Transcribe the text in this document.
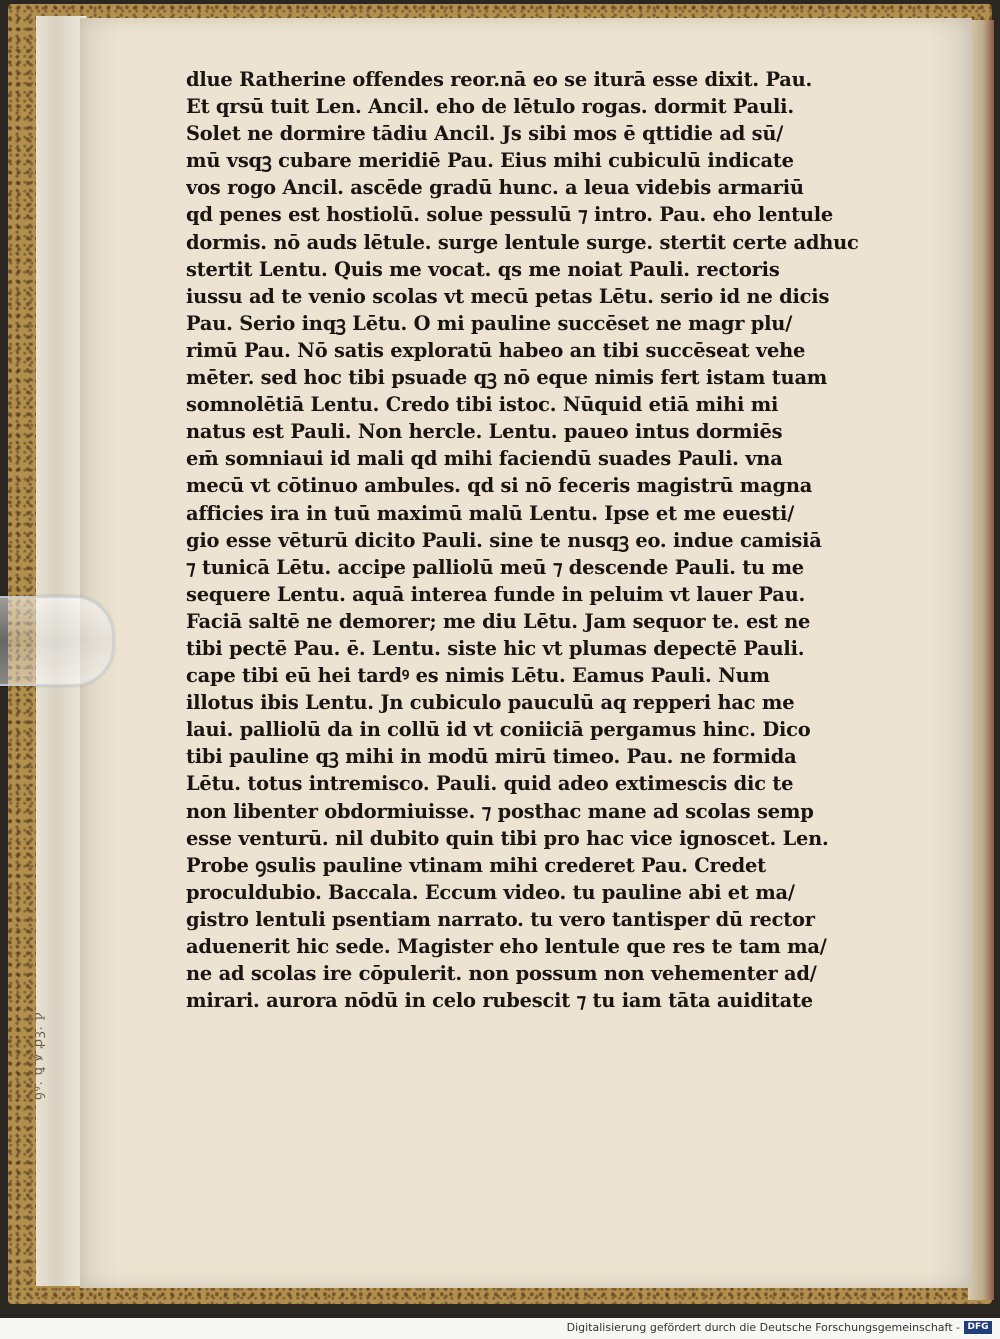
ꝯꝰ. ꝗ ꝟ ꝓꝫ. ꝩ
dlue Ratherine offendes reor.nā eo se iturā esse dixit. Pau.
Et qrsū tuit Len. Ancil. eho de lētulo rogas. dormit Pauli.
Solet ne dormire tādiu Ancil. Js sibi mos ē qttidie ad sū/
mū vsqꝫ cubare meridiē Pau. Eius mihi cubiculū indicate
vos rogo Ancil. ascēde gradū hunc. a leua videbis armariū
qd penes est hostiolū. solue pessulū ⁊ intro. Pau. eho lentule
dormis. nō auds lētule. surge lentule surge. stertit certe adhuc
stertit Lentu. Quis me vocat. qs me noiat Pauli. rectoris
iussu ad te venio scolas vt mecū petas Lētu. serio id ne dicis
Pau. Serio inqꝫ Lētu. O mi pauline succēset ne magr plu/
rimū Pau. Nō satis exploratū habeo an tibi succēseat vehe
mēter. sed hoc tibi psuade qꝫ nō eque nimis fert istam tuam
somnolētiā Lentu. Credo tibi istoc. Nūquid etiā mihi mi
natus est Pauli. Non hercle. Lentu. paueo intus dormiēs
em̄ somniaui id mali qd mihi faciendū suades Pauli. vna
mecū vt cōtinuo ambules. qd si nō feceris magistrū magna
afficies ira in tuū maximū malū Lentu. Ipse et me euesti/
gio esse vēturū dicito Pauli. sine te nusqꝫ eo. indue camisiā
⁊ tunicā Lētu. accipe palliolū meū ⁊ descende Pauli. tu me
sequere Lentu. aquā interea funde in peluim vt lauer Pau.
Faciā saltē ne demorer; me diu Lētu. Jam sequor te. est ne
tibi pectē Pau. ē. Lentu. siste hic vt plumas depectē Pauli.
cape tibi eū hei tardꝰ es nimis Lētu. Eamus Pauli. Num
illotus ibis Lentu. Jn cubiculo pauculū aq repperi hac me
laui. palliolū da in collū id vt coniiciā pergamus hinc. Dico
tibi pauline qꝫ mihi in modū mirū timeo. Pau. ne formida
Lētu. totus intremisco. Pauli. quid adeo extimescis dic te
non libenter obdormiuisse. ⁊ posthac mane ad scolas semp
esse venturū. nil dubito quin tibi pro hac vice ignoscet. Len.
Probe ꝯsulis pauline vtinam mihi crederet Pau. Credet
proculdubio. Baccala. Eccum video. tu pauline abi et ma/
gistro lentuli psentiam narrato. tu vero tantisper dū rector
aduenerit hic sede. Magister eho lentule que res te tam ma/
ne ad scolas ire cōpulerit. non possum non vehementer ad/
mirari. aurora nōdū in celo rubescit ⁊ tu iam tāta auiditate
Digitalisierung gefördert durch die Deutsche Forschungsgemeinschaft - DFG
